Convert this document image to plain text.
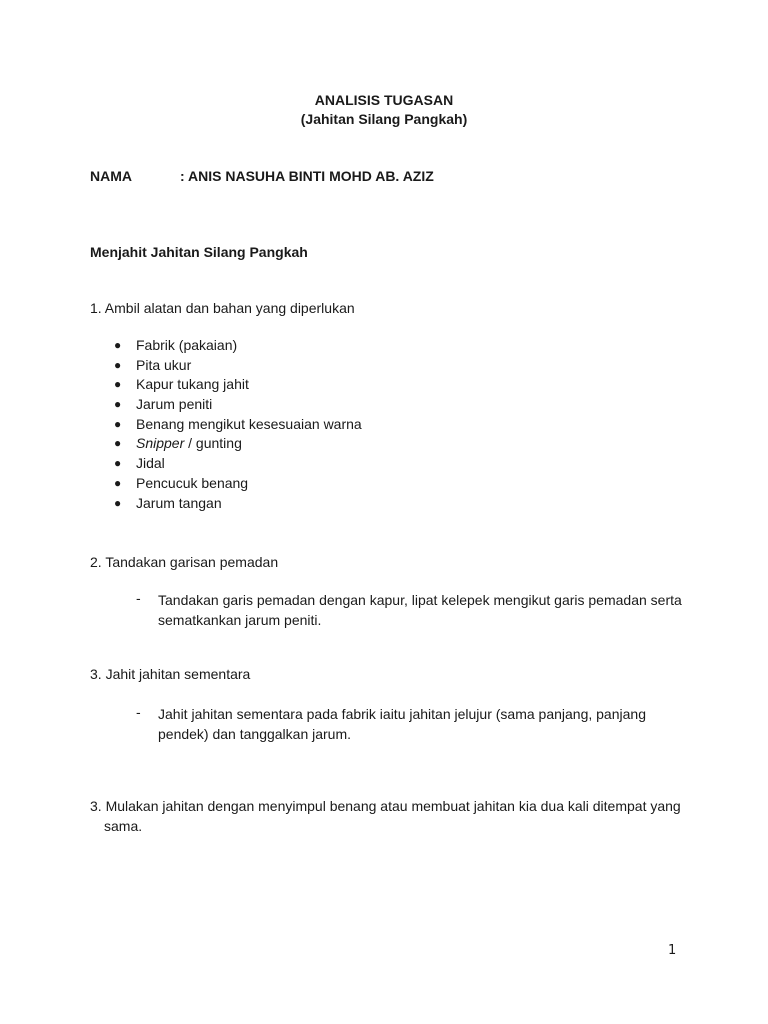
ANALISIS TUGASAN
(Jahitan Silang Pangkah)
NAMA	: ANIS NASUHA BINTI MOHD AB. AZIZ
Menjahit Jahitan Silang Pangkah
1. Ambil alatan dan bahan yang diperlukan
● Fabrik (pakaian)
● Pita ukur
● Kapur tukang jahit
● Jarum peniti
● Benang mengikut kesesuaian warna
● Snipper / gunting
● Jidal
● Pencucuk benang
● Jarum tangan
2. Tandakan garisan pemadan
- Tandakan garis pemadan dengan kapur, lipat kelepek mengikut garis pemadan serta sematkankan jarum peniti.
3. Jahit jahitan sementara
- Jahit jahitan sementara pada fabrik iaitu jahitan jelujur (sama panjang, panjang pendek) dan tanggalkan jarum.
3. Mulakan jahitan dengan menyimpul benang atau membuat jahitan kia dua kali ditempat yang
sama.
1
